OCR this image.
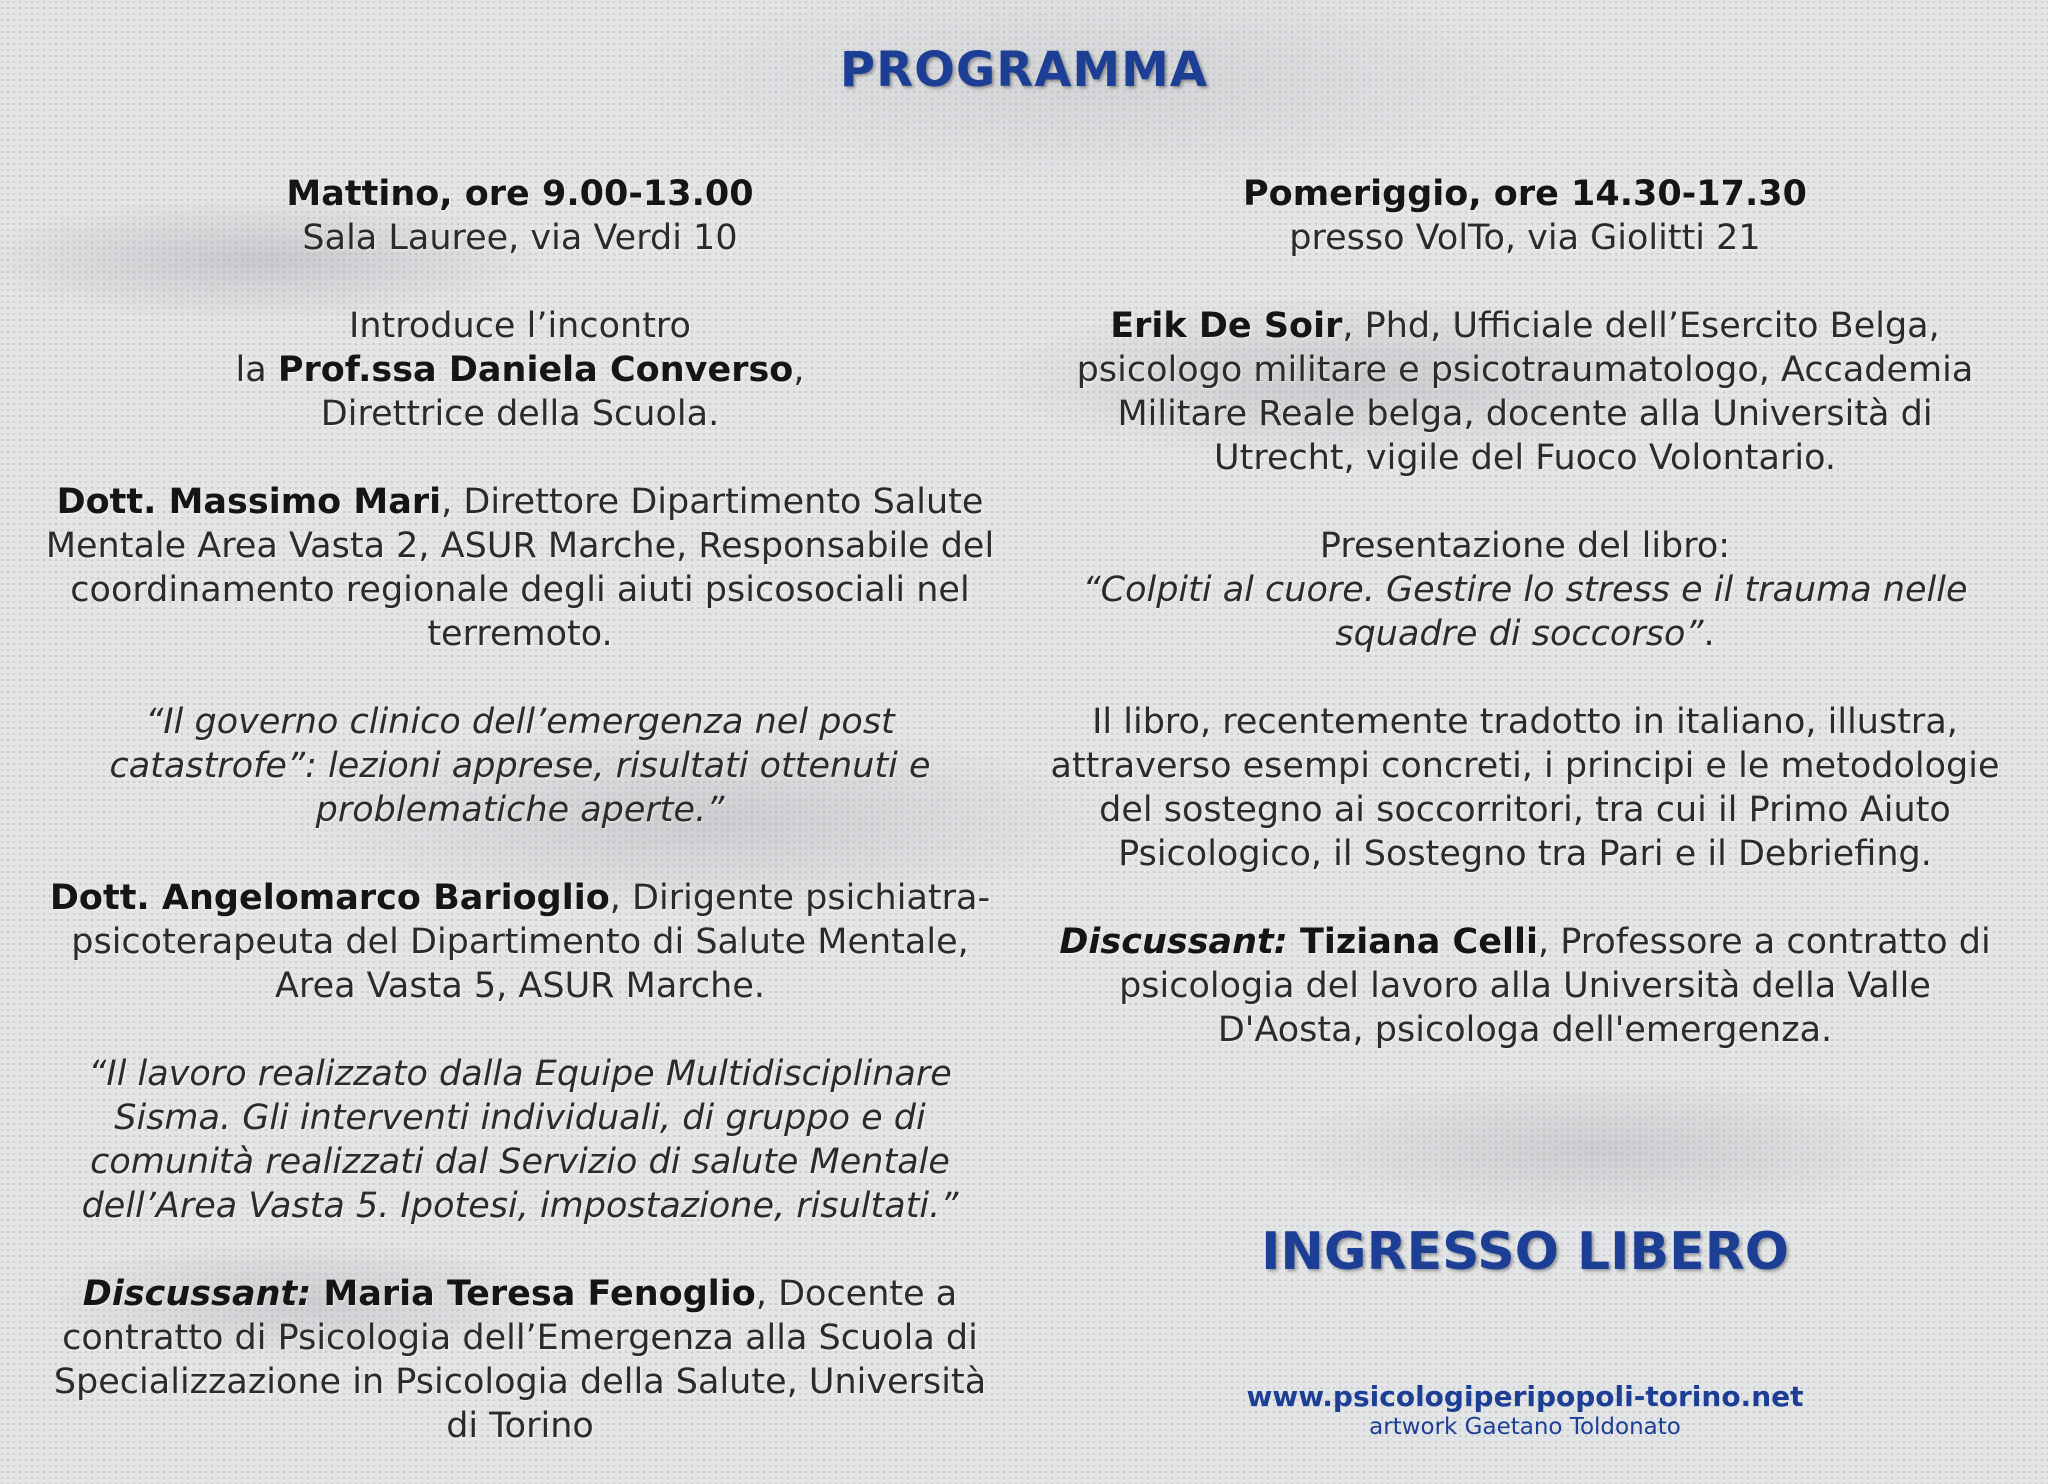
PROGRAMMA

Mattino, ore 9.00-13.00
Sala Lauree, via Verdi 10

Introduce l’incontro
la Prof.ssa Daniela Converso,
Direttrice della Scuola.

Dott. Massimo Mari, Direttore Dipartimento Salute Mentale Area Vasta 2, ASUR Marche, Responsabile del coordinamento regionale degli aiuti psicosociali nel terremoto.

“Il governo clinico dell’emergenza nel post catastrofe”: lezioni apprese, risultati ottenuti e problematiche aperte.”

Dott. Angelomarco Barioglio, Dirigente psichiatra-psicoterapeuta del Dipartimento di Salute Mentale, Area Vasta 5, ASUR Marche.

“Il lavoro realizzato dalla Equipe Multidisciplinare Sisma. Gli interventi individuali, di gruppo e di comunità realizzati dal Servizio di salute Mentale dell’Area Vasta 5. Ipotesi, impostazione, risultati.”

Discussant: Maria Teresa Fenoglio, Docente a contratto di Psicologia dell’Emergenza alla Scuola di Specializzazione in Psicologia della Salute, Università di Torino

Pomeriggio, ore 14.30-17.30
presso VolTo, via Giolitti 21

Erik De Soir, Phd, Ufficiale dell’Esercito Belga, psicologo militare e psicotraumatologo, Accademia Militare Reale belga, docente alla Università di Utrecht, vigile del Fuoco Volontario.

Presentazione del libro:
“Colpiti al cuore. Gestire lo stress e il trauma nelle squadre di soccorso”.

Il libro, recentemente tradotto in italiano, illustra, attraverso esempi concreti, i principi e le metodologie del sostegno ai soccorritori, tra cui il Primo Aiuto Psicologico, il Sostegno tra Pari e il Debriefing.

Discussant: Tiziana Celli, Professore a contratto di psicologia del lavoro alla Università della Valle D'Aosta, psicologa dell'emergenza.

INGRESSO LIBERO
www.psicologiperipopoli-torino.net
artwork Gaetano Toldonato
